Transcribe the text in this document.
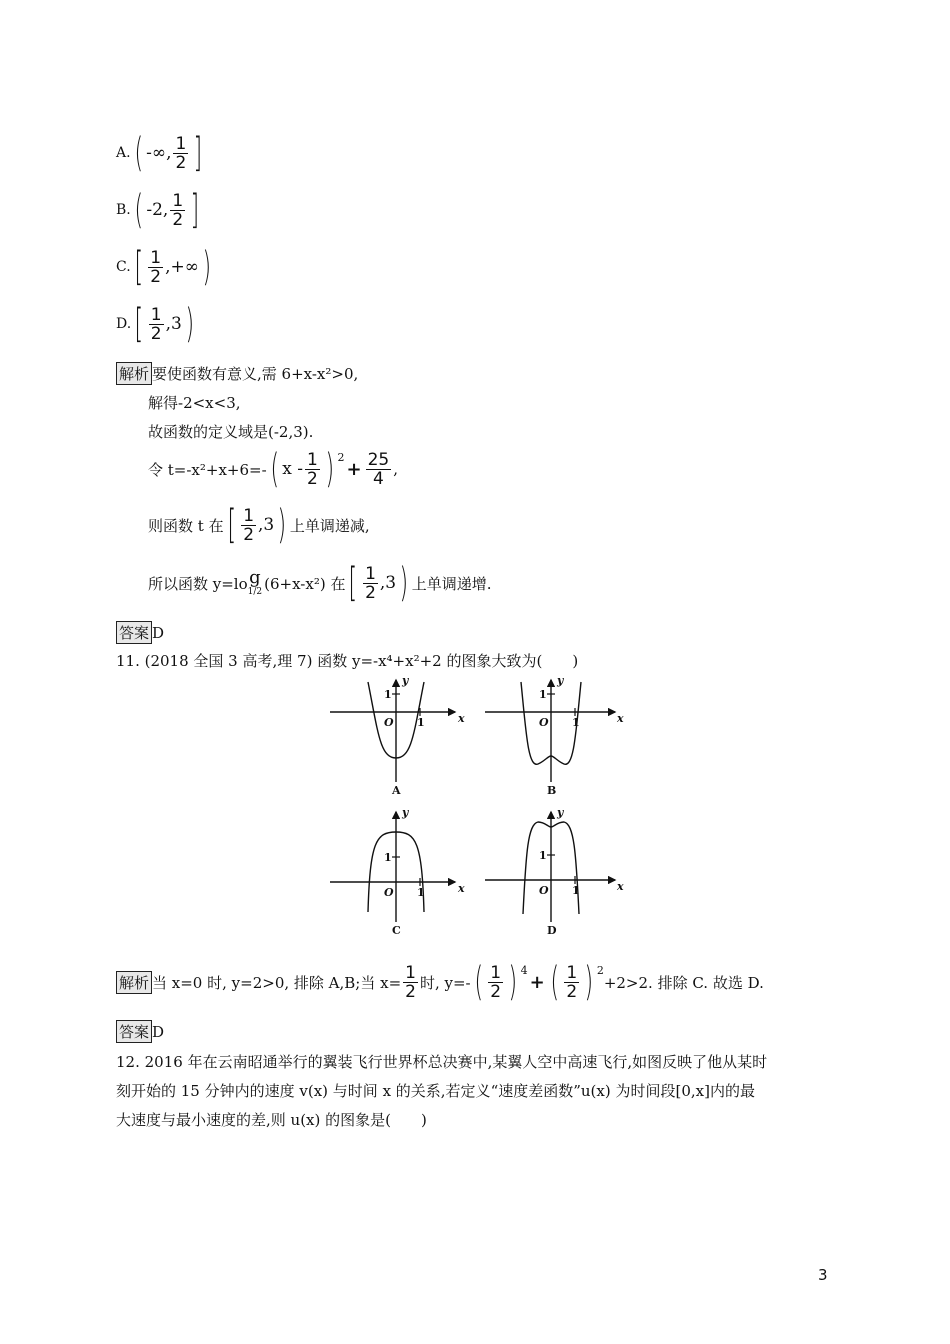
A. ( -∞, $\frac{1}{2}$ ]
B. ( -2, $\frac{1}{2}$ ]
C. [ $\frac{1}{2}$ ,+∞ )
D. [ $\frac{1}{2} ,3$ )
解析 要使函数有意义,需 6+x-x²>0,
解得-2<x<3,
故函数的定义域是(-2,3).
令 t=-x²+x+6=- ( x - $\frac{1}{2}$ ) $^2$
+ $\frac{25}{4}$ ,
则函数 t 在 [ $\frac{1}{2} ,3$ ) 上单调递减,
所以函数 y=lo g
1/2 (6+x-x²) 在 [ $\frac{1}{2} ,3$ ) 上单调递增.
答案 D
11. (2018 全国 3 高考,理 7) 函数 y=-x⁴+x²+2 的图象大致为(　　)
x
y
O 1
1
A
x
y
O 1
1
B
x
y
O 1
1
C
x
y
O 1
1
D
解析 当 x=0 时, y=2>0, 排除 A,B;当 $x= \frac{1}{2}$ 时, y=- ( $\frac{1}{2}$ ) $^4$
+ ( $\frac{1}{2}$ ) $^2$
+2>2. 排除 C. 故选 D.
答案 D
12. 2016 年在云南昭通举行的翼装飞行世界杯总决赛中,某翼人空中高速飞行,如图反映了他从某时
刻开始的 15 分钟内的速度 v(x) 与时间 x 的关系,若定义“速度差函数”u(x) 为时间段[0,x]内的最
大速度与最小速度的差,则 u(x) 的图象是(　　)
3
